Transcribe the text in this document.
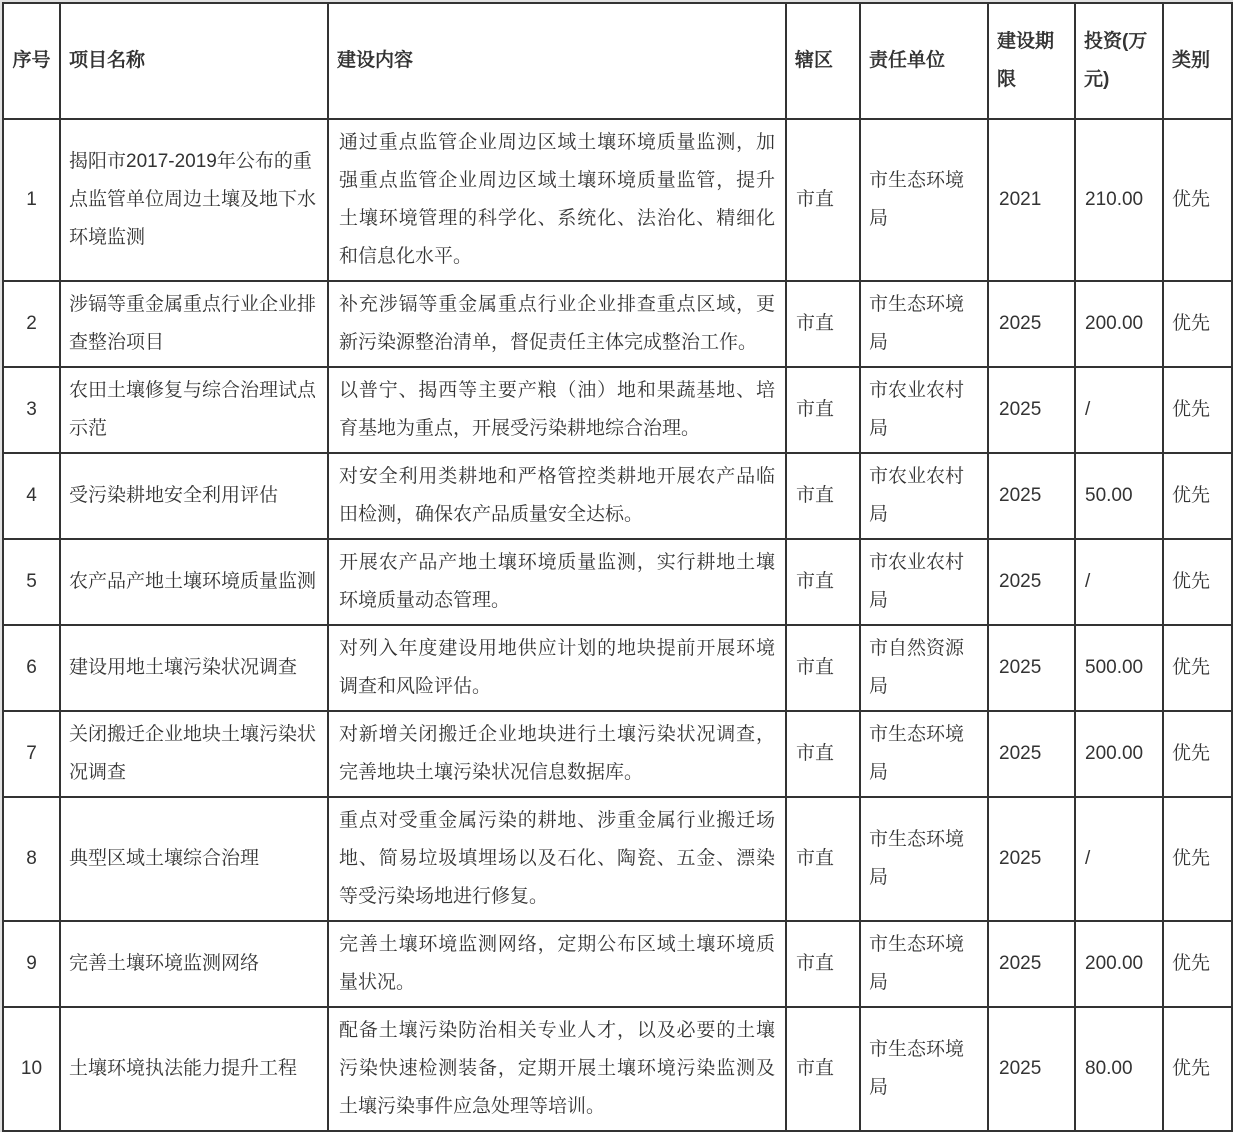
序号	项目名称	建设内容	辖区	责任单位	建设期限	投资(万元)	类别
1	揭阳市2017-2019年公布的重点监管单位周边土壤及地下水环境监测	通过重点监管企业周边区域土壤环境质量监测，加强重点监管企业周边区域土壤环境质量监管，提升土壤环境管理的科学化、系统化、法治化、精细化和信息化水平。	市直	市生态环境局	2021	210.00	优先
2	涉镉等重金属重点行业企业排查整治项目	补充涉镉等重金属重点行业企业排查重点区域，更新污染源整治清单，督促责任主体完成整治工作。	市直	市生态环境局	2025	200.00	优先
3	农田土壤修复与综合治理试点示范	以普宁、揭西等主要产粮（油）地和果蔬基地、培育基地为重点，开展受污染耕地综合治理。	市直	市农业农村局	2025	/	优先
4	受污染耕地安全利用评估	对安全利用类耕地和严格管控类耕地开展农产品临田检测，确保农产品质量安全达标。	市直	市农业农村局	2025	50.00	优先
5	农产品产地土壤环境质量监测	开展农产品产地土壤环境质量监测，实行耕地土壤环境质量动态管理。	市直	市农业农村局	2025	/	优先
6	建设用地土壤污染状况调查	对列入年度建设用地供应计划的地块提前开展环境调查和风险评估。	市直	市自然资源局	2025	500.00	优先
7	关闭搬迁企业地块土壤污染状况调查	对新增关闭搬迁企业地块进行土壤污染状况调查，完善地块土壤污染状况信息数据库。	市直	市生态环境局	2025	200.00	优先
8	典型区域土壤综合治理	重点对受重金属污染的耕地、涉重金属行业搬迁场地、简易垃圾填埋场以及石化、陶瓷、五金、漂染等受污染场地进行修复。	市直	市生态环境局	2025	/	优先
9	完善土壤环境监测网络	完善土壤环境监测网络，定期公布区域土壤环境质量状况。	市直	市生态环境局	2025	200.00	优先
10	土壤环境执法能力提升工程	配备土壤污染防治相关专业人才，以及必要的土壤污染快速检测装备，定期开展土壤环境污染监测及土壤污染事件应急处理等培训。	市直	市生态环境局	2025	80.00	优先
